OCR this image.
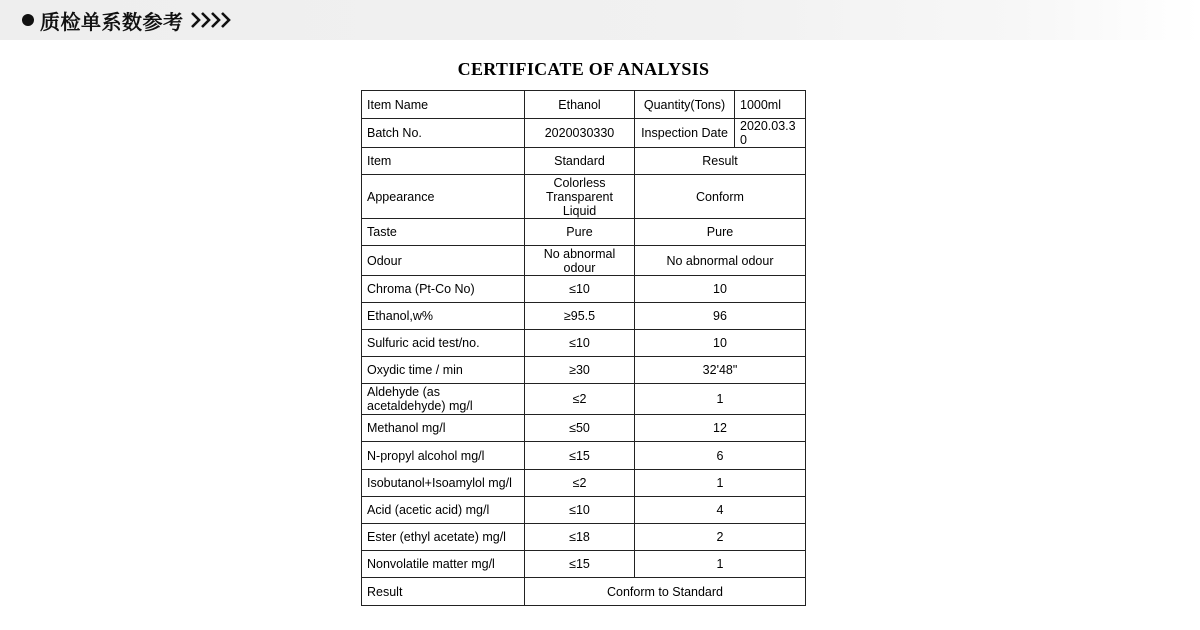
质检单系数参考
CERTIFICATE OF ANALYSIS
Item Name	Ethanol	Quantity(Tons)	1000ml
Batch No.	2020030330	Inspection Date	2020.03.30
Item	Standard	Result	
Appearance	Colorless Transparent Liquid	Conform	
Taste	Pure	Pure	
Odour	No abnormal odour	No abnormal odour	
Chroma (Pt-Co No)	≤10	10	
Ethanol,w%	≥95.5	96	
Sulfuric acid test/no.	≤10	10	
Oxydic time / min	≥30	32'48"	
Aldehyde (as acetaldehyde) mg/l	≤2	1	
Methanol mg/l	≤50	12	
N-propyl alcohol mg/l	≤15	6	
Isobutanol+Isoamylol mg/l	≤2	1	
Acid (acetic acid) mg/l	≤10	4	
Ester (ethyl acetate) mg/l	≤18	2	
Nonvolatile matter mg/l	≤15	1	
Result	Conform to Standard		
